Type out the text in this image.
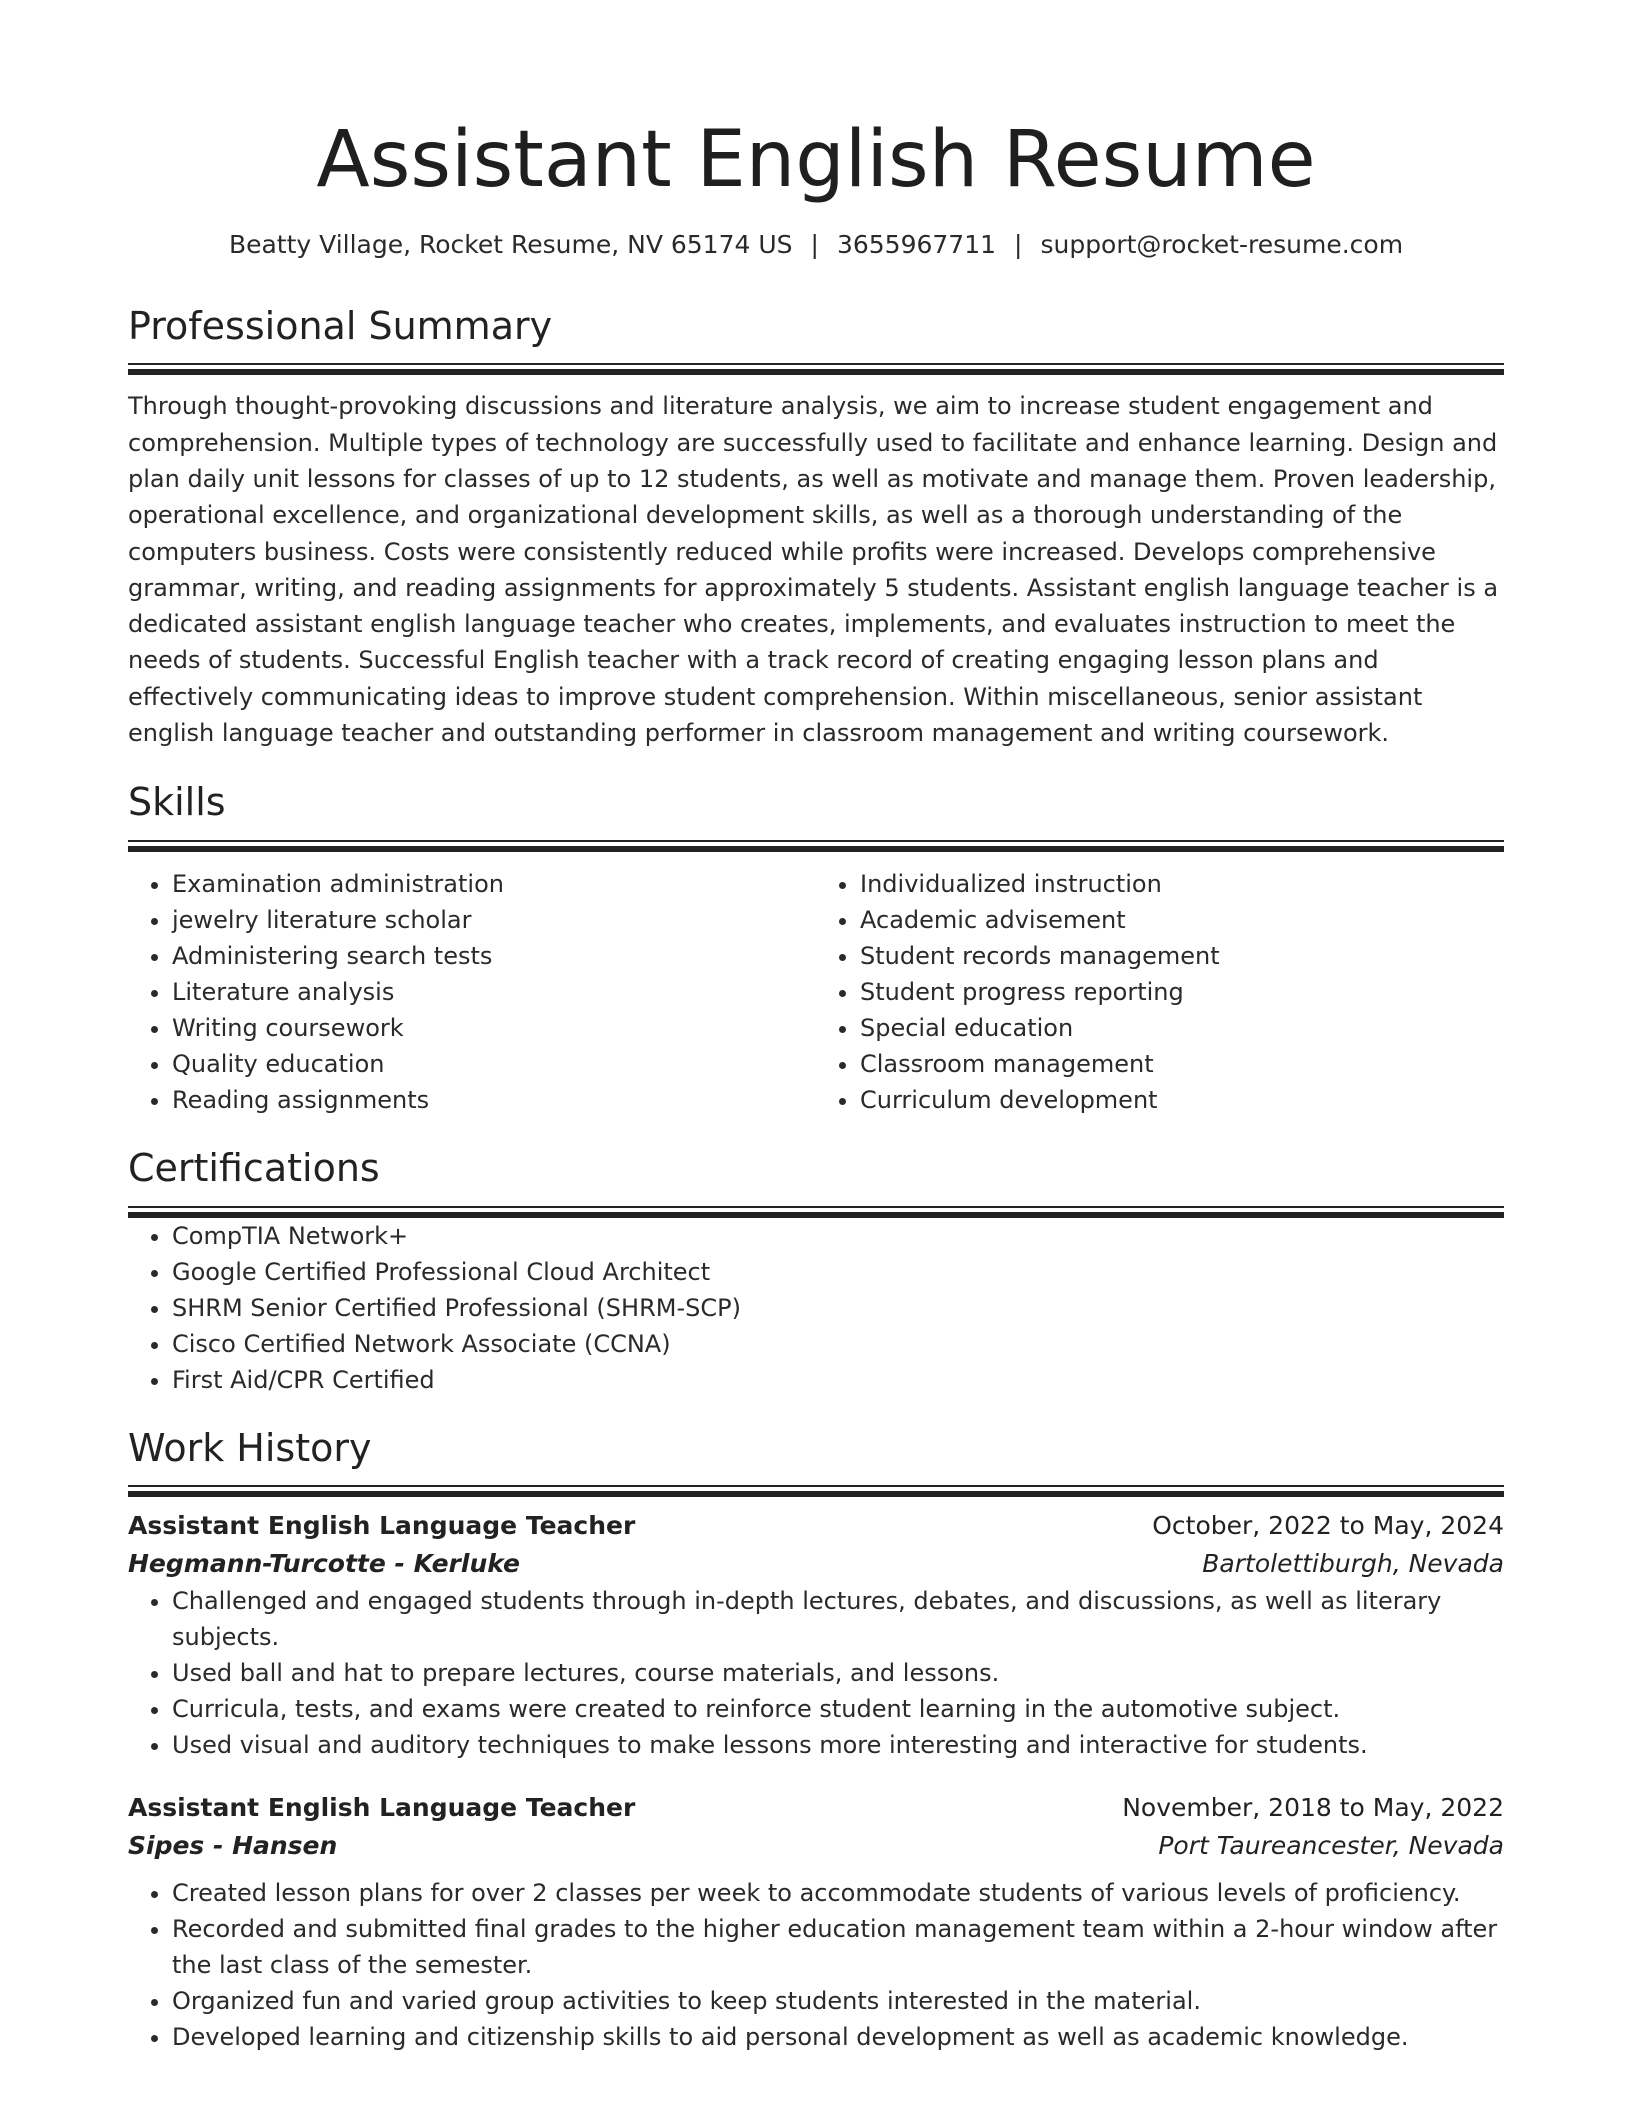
Assistant English Resume
Beatty Village, Rocket Resume, NV 65174 US | 3655967711 | support@rocket-resume.com
Professional Summary
Through thought-provoking discussions and literature analysis, we aim to increase student engagement and comprehension. Multiple types of technology are successfully used to facilitate and enhance learning. Design and plan daily unit lessons for classes of up to 12 students, as well as motivate and manage them. Proven leadership, operational excellence, and organizational development skills, as well as a thorough understanding of the computers business. Costs were consistently reduced while profits were increased. Develops comprehensive grammar, writing, and reading assignments for approximately 5 students. Assistant english language teacher is a dedicated assistant english language teacher who creates, implements, and evaluates instruction to meet the needs of students. Successful English teacher with a track record of creating engaging lesson plans and effectively communicating ideas to improve student comprehension. Within miscellaneous, senior assistant english language teacher and outstanding performer in classroom management and writing coursework.
Skills
• Examination administration
• jewelry literature scholar
• Administering search tests
• Literature analysis
• Writing coursework
• Quality education
• Reading assignments
• Individualized instruction
• Academic advisement
• Student records management
• Student progress reporting
• Special education
• Classroom management
• Curriculum development
Certifications
• CompTIA Network+
• Google Certified Professional Cloud Architect
• SHRM Senior Certified Professional (SHRM-SCP)
• Cisco Certified Network Associate (CCNA)
• First Aid/CPR Certified
Work History
Assistant English Language Teacher	October, 2022 to May, 2024
Hegmann-Turcotte - Kerluke	Bartolettiburgh, Nevada
• Challenged and engaged students through in-depth lectures, debates, and discussions, as well as literary subjects.
• Used ball and hat to prepare lectures, course materials, and lessons.
• Curricula, tests, and exams were created to reinforce student learning in the automotive subject.
• Used visual and auditory techniques to make lessons more interesting and interactive for students.
Assistant English Language Teacher	November, 2018 to May, 2022
Sipes - Hansen	Port Taureancester, Nevada
• Created lesson plans for over 2 classes per week to accommodate students of various levels of proficiency.
• Recorded and submitted final grades to the higher education management team within a 2-hour window after the last class of the semester.
• Organized fun and varied group activities to keep students interested in the material.
• Developed learning and citizenship skills to aid personal development as well as academic knowledge.
